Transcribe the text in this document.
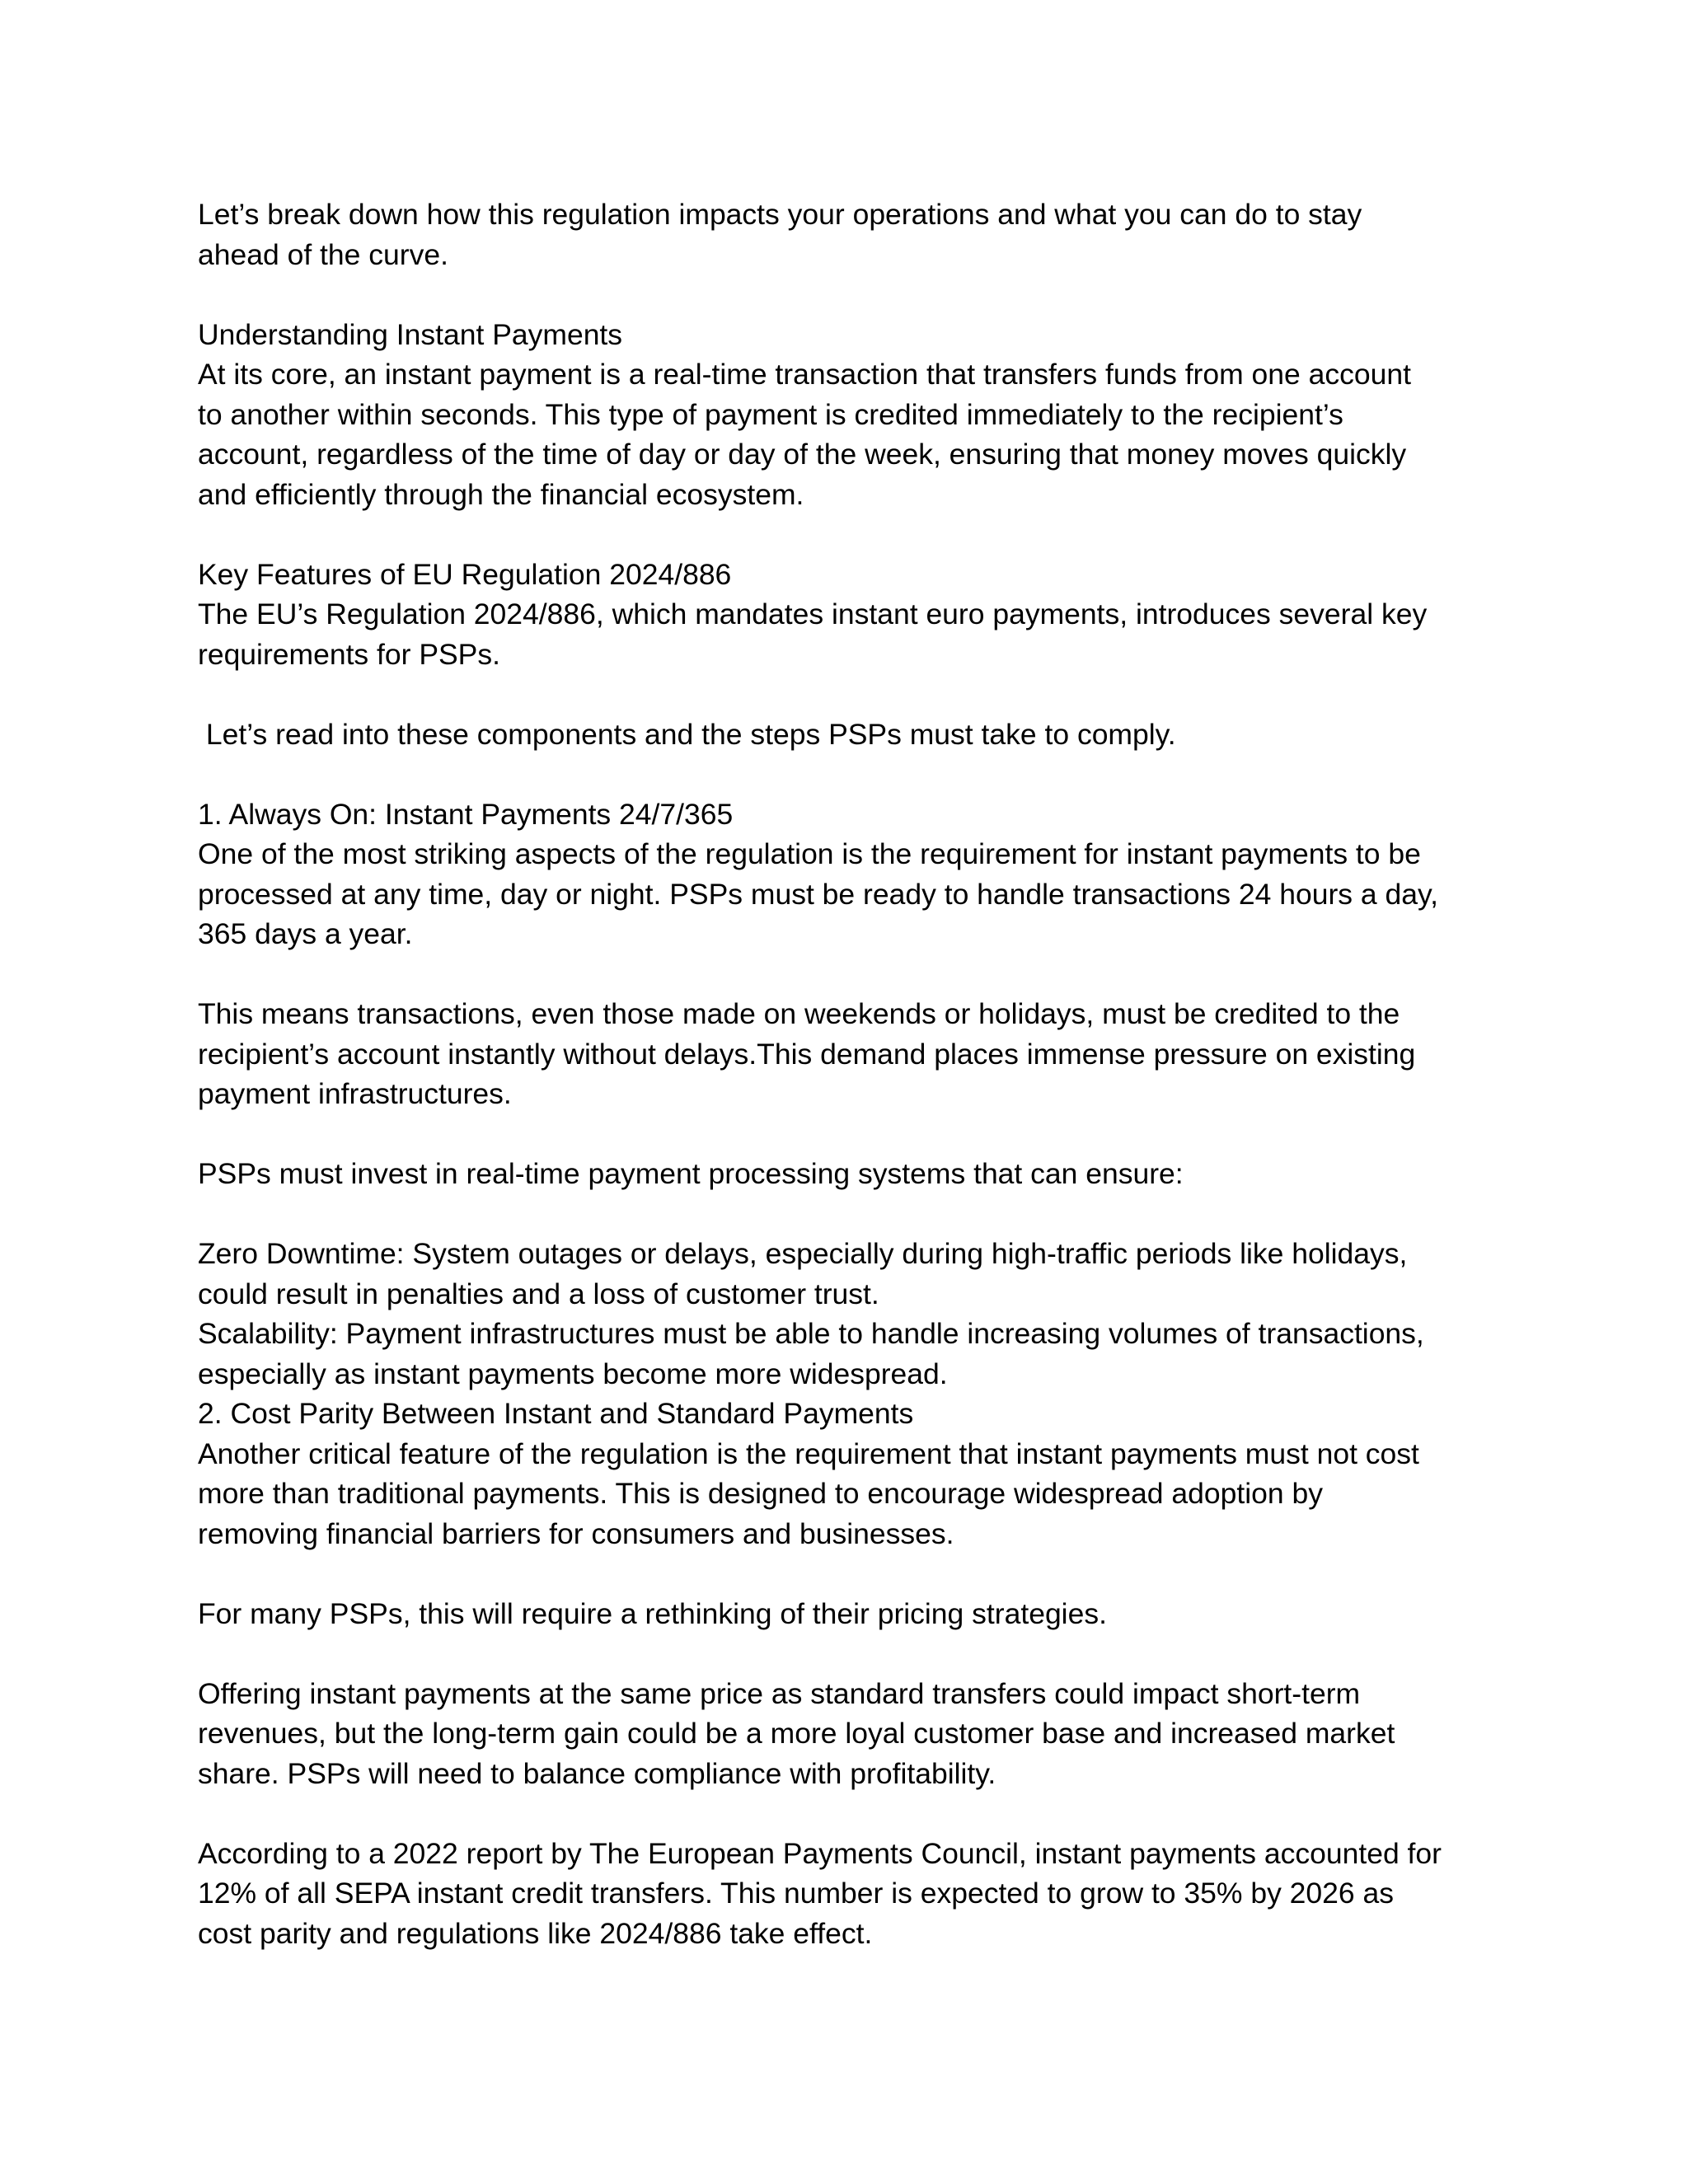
Let’s break down how this regulation impacts your operations and what you can do to stay
ahead of the curve.
Understanding Instant Payments
At its core, an instant payment is a real-time transaction that transfers funds from one account
to another within seconds. This type of payment is credited immediately to the recipient’s
account, regardless of the time of day or day of the week, ensuring that money moves quickly
and efficiently through the financial ecosystem.
Key Features of EU Regulation 2024/886
The EU’s Regulation 2024/886, which mandates instant euro payments, introduces several key
requirements for PSPs.
Let’s read into these components and the steps PSPs must take to comply.
1. Always On: Instant Payments 24/7/365
One of the most striking aspects of the regulation is the requirement for instant payments to be
processed at any time, day or night. PSPs must be ready to handle transactions 24 hours a day,
365 days a year.
This means transactions, even those made on weekends or holidays, must be credited to the
recipient’s account instantly without delays.This demand places immense pressure on existing
payment infrastructures.
PSPs must invest in real-time payment processing systems that can ensure:
Zero Downtime: System outages or delays, especially during high-traffic periods like holidays,
could result in penalties and a loss of customer trust.
Scalability: Payment infrastructures must be able to handle increasing volumes of transactions,
especially as instant payments become more widespread.
2. Cost Parity Between Instant and Standard Payments
Another critical feature of the regulation is the requirement that instant payments must not cost
more than traditional payments. This is designed to encourage widespread adoption by
removing financial barriers for consumers and businesses.
For many PSPs, this will require a rethinking of their pricing strategies.
Offering instant payments at the same price as standard transfers could impact short-term
revenues, but the long-term gain could be a more loyal customer base and increased market
share. PSPs will need to balance compliance with profitability.
According to a 2022 report by The European Payments Council, instant payments accounted for
12% of all SEPA instant credit transfers. This number is expected to grow to 35% by 2026 as
cost parity and regulations like 2024/886 take effect.
